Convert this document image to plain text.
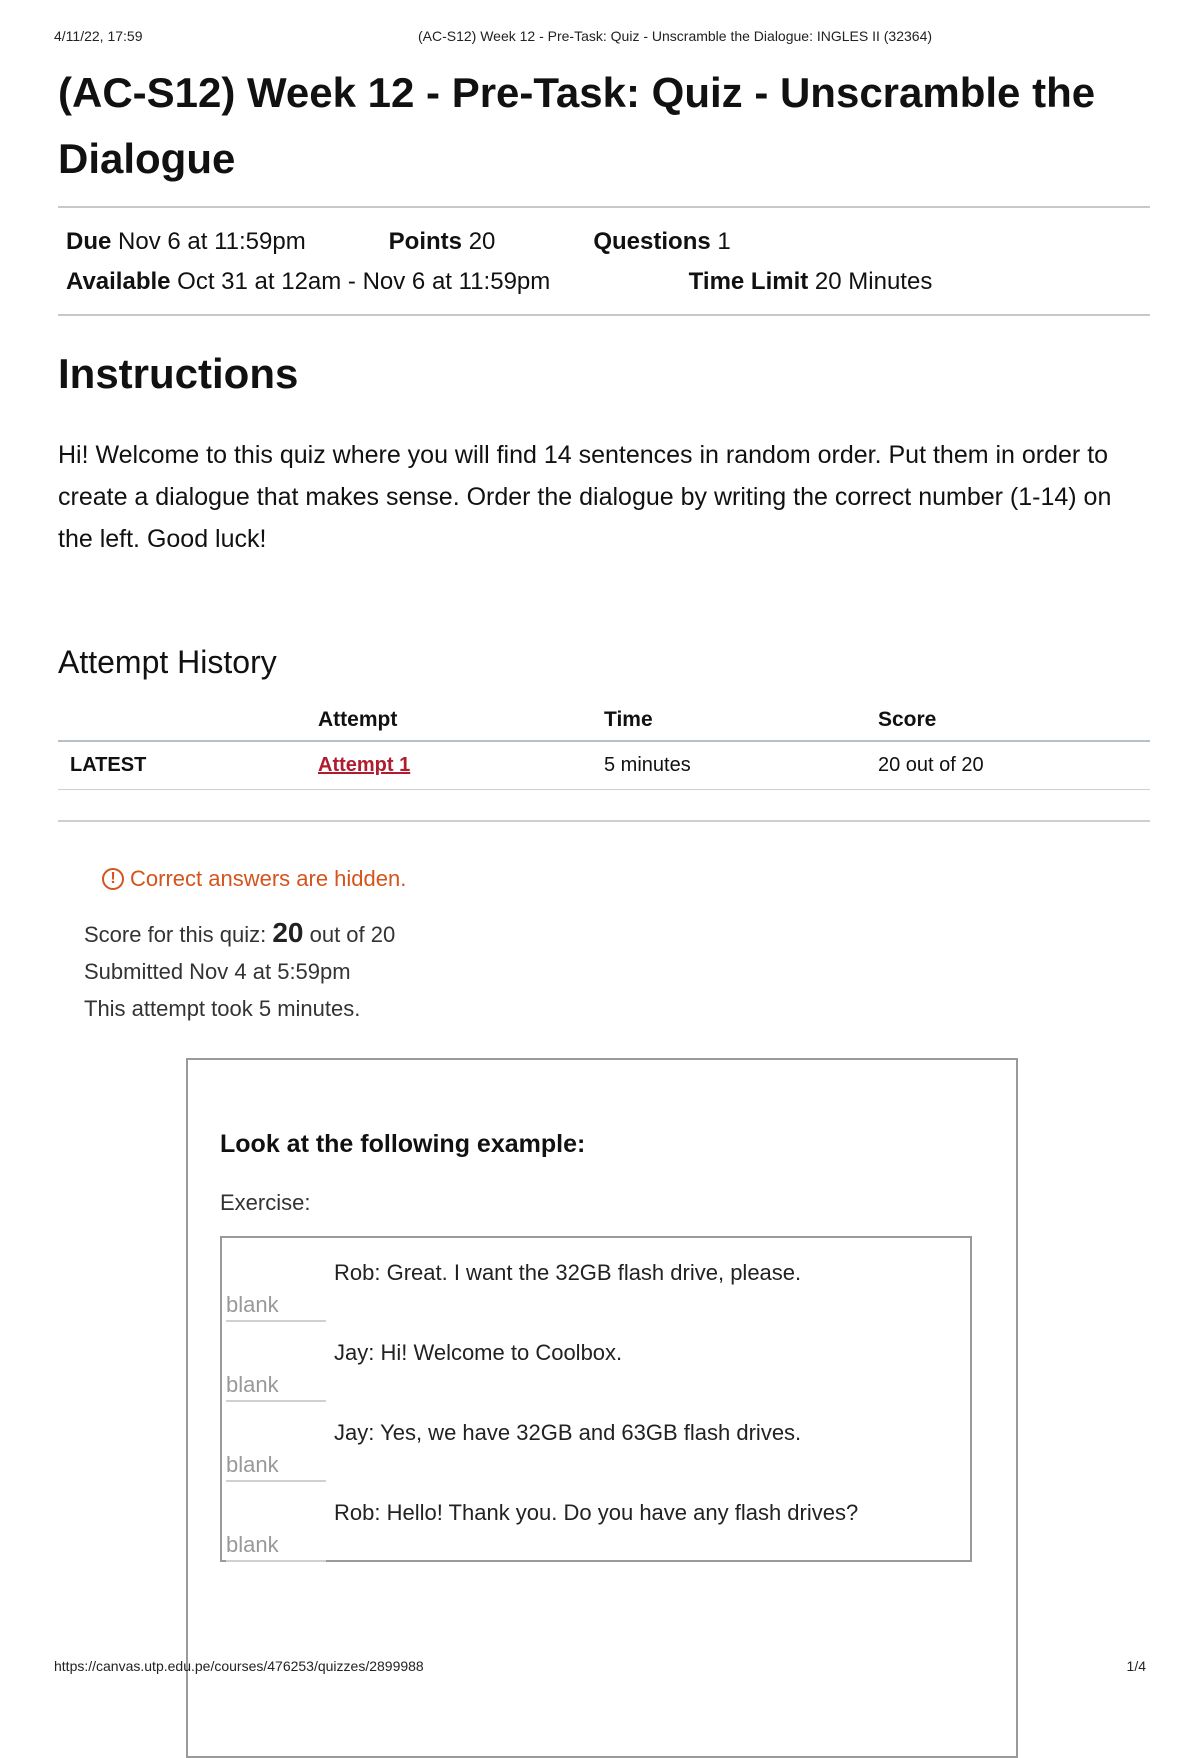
4/11/22, 17:59	(AC-S12) Week 12 - Pre-Task: Quiz - Unscramble the Dialogue: INGLES II (32364)
(AC-S12) Week 12 - Pre-Task: Quiz - Unscramble the Dialogue
Due Nov 6 at 11:59pm	Points 20	Questions 1
Available Oct 31 at 12am - Nov 6 at 11:59pm	Time Limit 20 Minutes
Instructions

Hi! Welcome to this quiz where you will find 14 sentences in random order. Put them in order to create a dialogue that makes sense. Order the dialogue by writing the correct number (1-14) on the left. Good luck!

Attempt History
	Attempt	Time	Score
LATEST	Attempt 1	5 minutes	20 out of 20
! Correct answers are hidden.
Score for this quiz: 20 out of 20
Submitted Nov 4 at 5:59pm
This attempt took 5 minutes.
Look at the following example:
Exercise:
blank
Rob: Great. I want the 32GB flash drive, please.
blank
Jay: Hi! Welcome to Coolbox.
blank
Jay: Yes, we have 32GB and 63GB flash drives.
blank
Rob: Hello! Thank you. Do you have any flash drives?
https://canvas.utp.edu.pe/courses/476253/quizzes/2899988	1/4
